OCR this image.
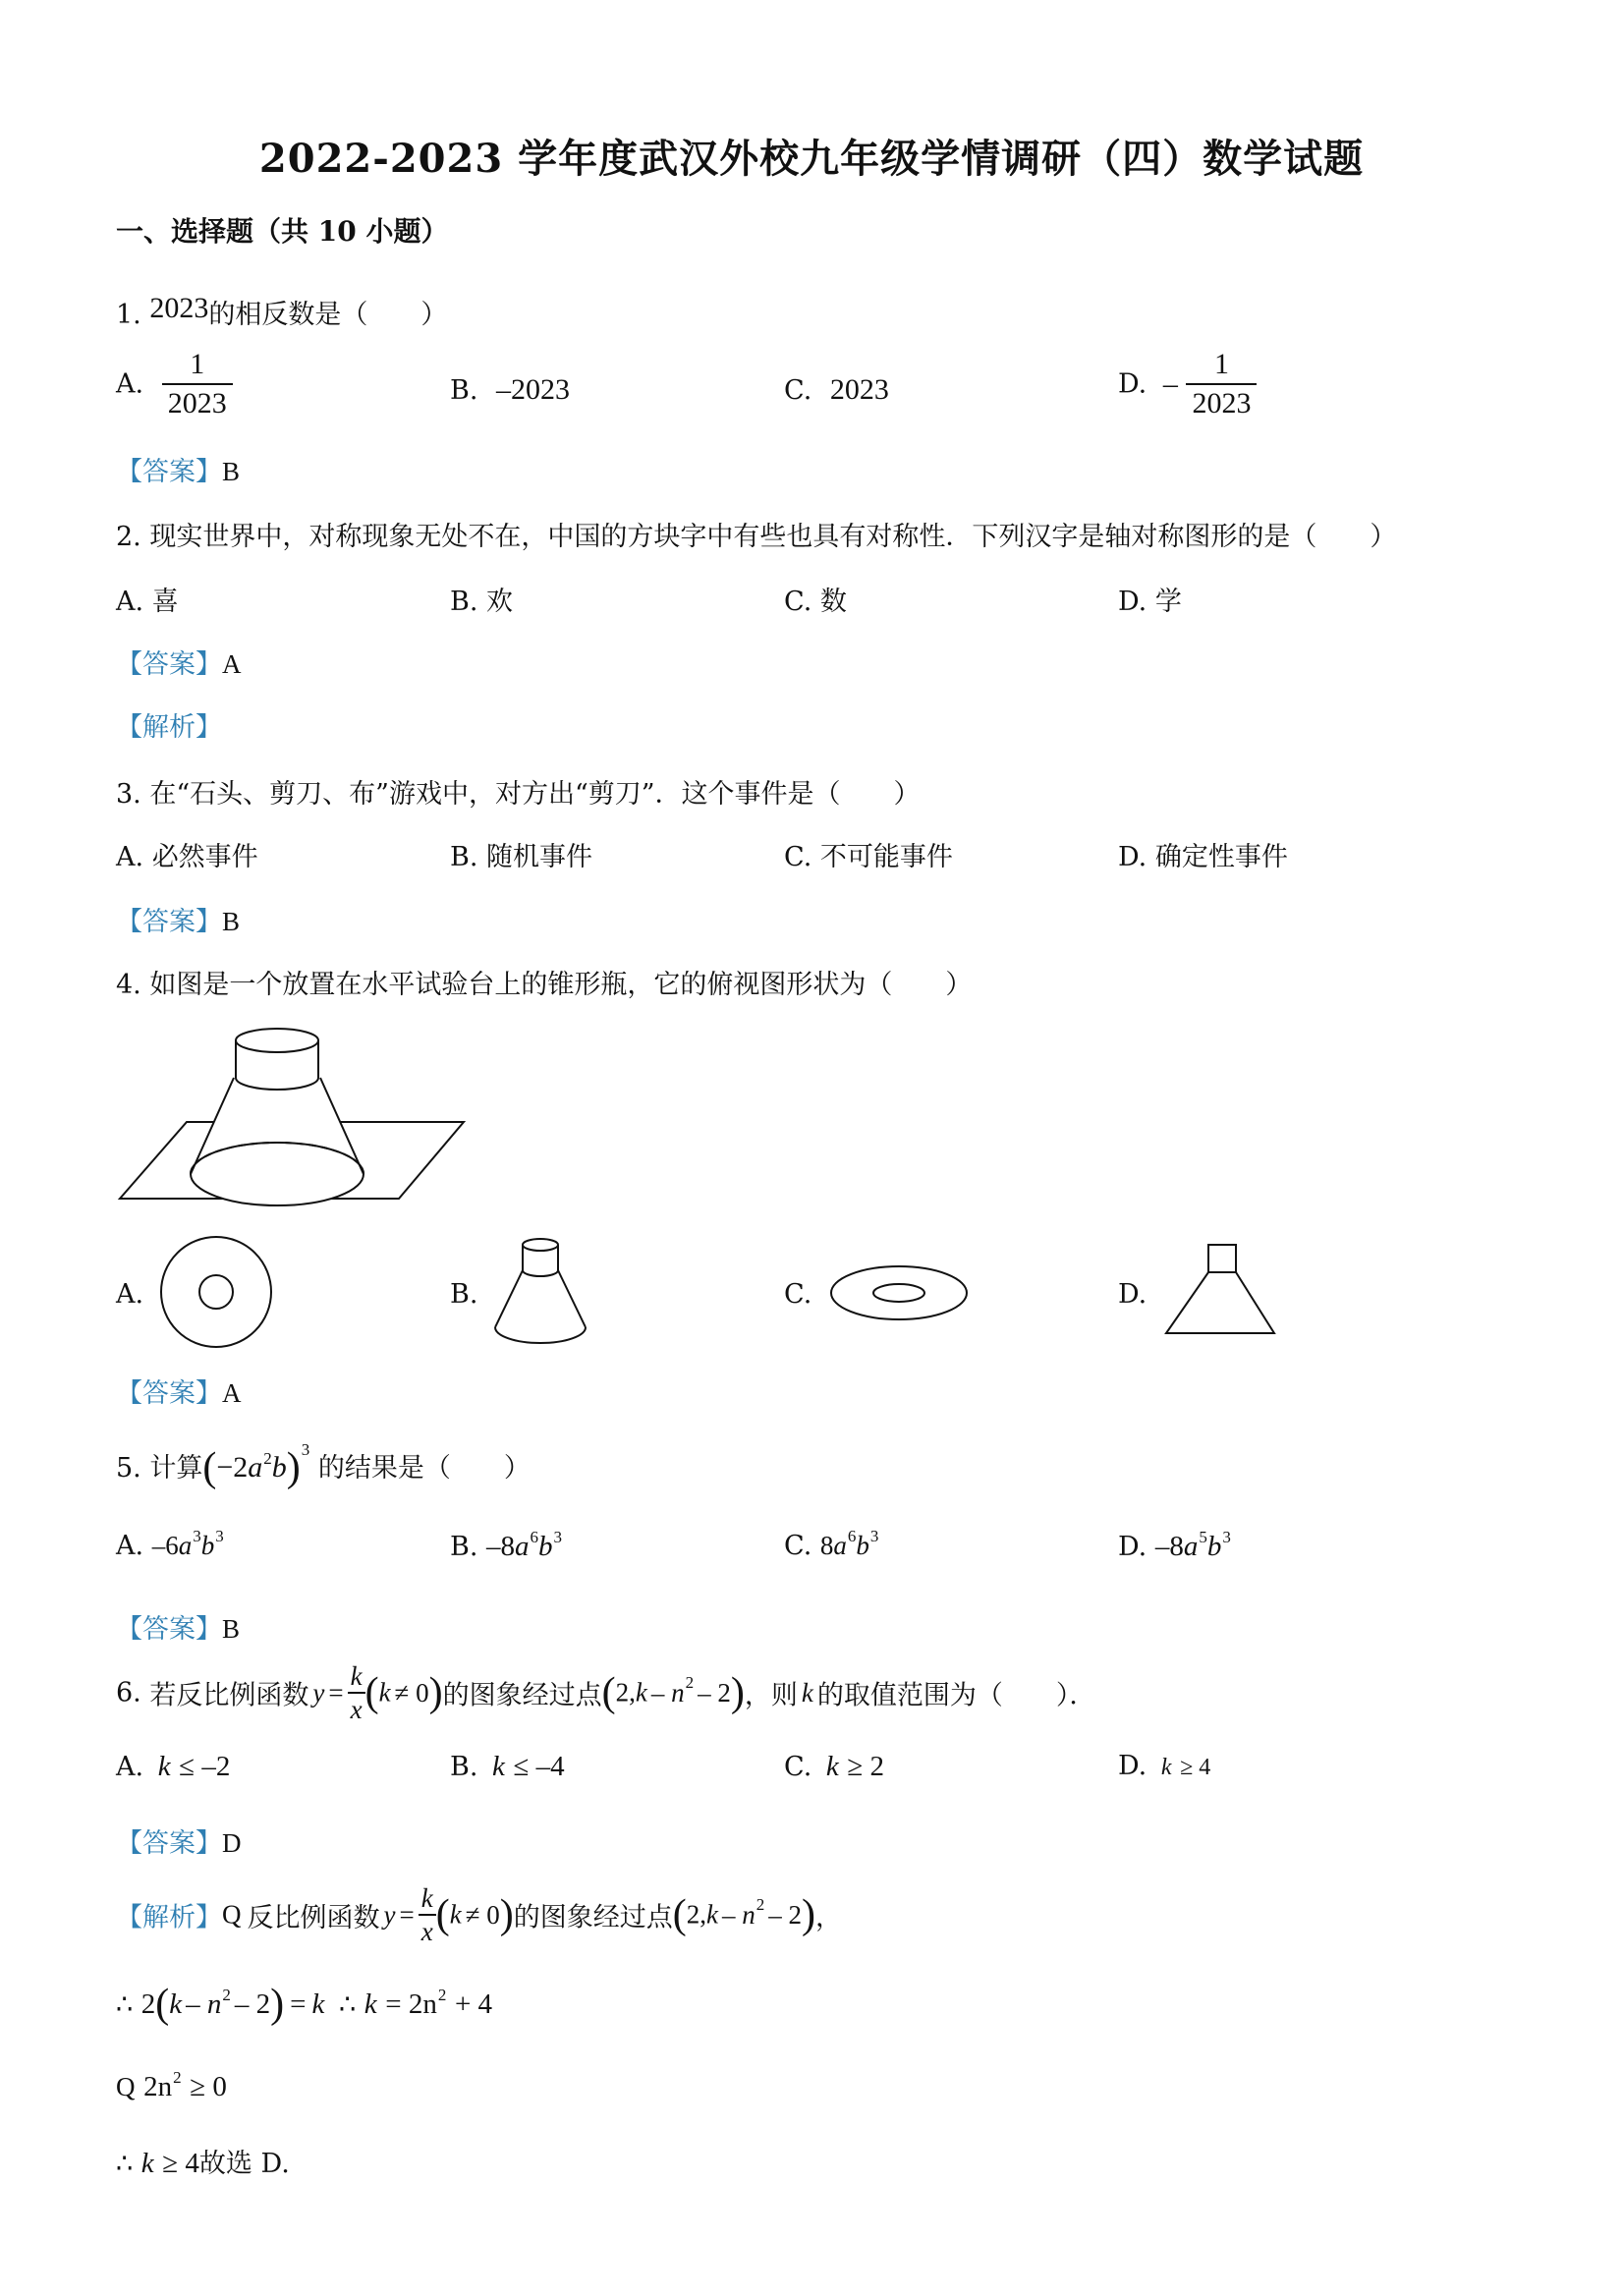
2022-2023 学年度武汉外校九年级学情调研（四）数学试题
一、选择题（共 10 小题）
1. 2023的相反数是（　　）
A. $\frac{1}{2023}$	B. –2023	C. 2023	D. – $\frac{1}{2023}$
【答案】B
2. 现实世界中，对称现象无处不在，中国的方块字中有些也具有对称性．下列汉字是轴对称图形的是（　　）
A. 喜	B. 欢	C. 数	D. 学
【答案】A
【解析】
3. 在“石头、剪刀、布”游戏中，对方出“剪刀”．这个事件是（　　）
A. 必然事件	B. 随机事件	C. 不可能事件	D. 确定性事件
【答案】B
4. 如图是一个放置在水平试验台上的锥形瓶，它的俯视图形状为（　　）
A.	B.	C.	D.
【答案】A
5. 计算$(-2a^2b)^3$ 的结果是（　　）
A. $-6a^3b^3$	B. $-8a^6b^3$	C. $8a^6b^3$	D. $-8a^5b^3$
【答案】B
6. 若反比例函数 $y = \frac{k}{x} (k \ne 0)$的图象经过点$(2,k - n^2 - 2)$，则 k 的取值范围为（　　）．
A. k ≤ –2	B. k ≤ –4	C. k ≥ 2	D. k ≥ 4
【答案】D
【解析】Q 反比例函数 $y = \frac{k}{x} (k \ne 0)$的图象经过点$(2,k - n^2 - 2)$，
∴ $2(k - n^2 - 2) = k$ ∴ $k = 2n^2 + 4$
Q $2n^2 \ge 0$
∴ k ≥ 4故选 D.
